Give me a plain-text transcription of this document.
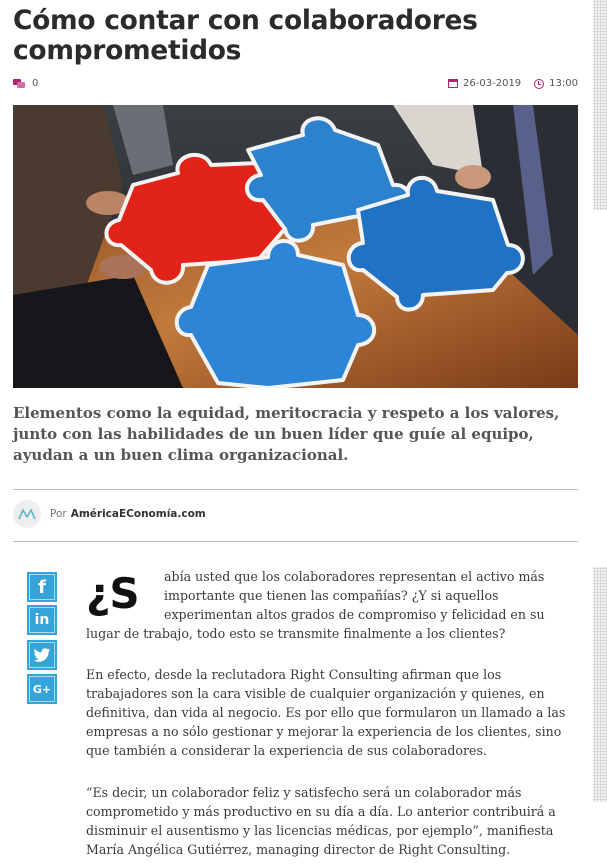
Cómo contar con colaboradores comprometidos
0	26-03-2019	13:00

Elementos como la equidad, meritocracia y respeto a los valores, junto con las habilidades de un buen líder que guíe al equipo, ayudan a un buen clima organizacional.

Por AméricaEConomía.com
f
in
G+
¿S abía usted que los colaboradores representan el activo más

importante que tienen las compañías? ¿Y si aquellos

experimentan altos grados de compromiso y felicidad en su

lugar de trabajo, todo esto se transmite finalmente a los clientes?

En efecto, desde la reclutadora Right Consulting afirman que los trabajadores son la cara visible de cualquier organización y quienes, en definitiva, dan vida al negocio. Es por ello que formularon un llamado a las empresas a no sólo gestionar y mejorar la experiencia de los clientes, sino que también a considerar la experiencia de sus colaboradores.

“Es decir, un colaborador feliz y satisfecho será un colaborador más comprometido y más productivo en su día a día. Lo anterior contribuirá a disminuir el ausentismo y las licencias médicas, por ejemplo”, manifiesta María Angélica Gutiérrez, managing director de Right Consulting.
